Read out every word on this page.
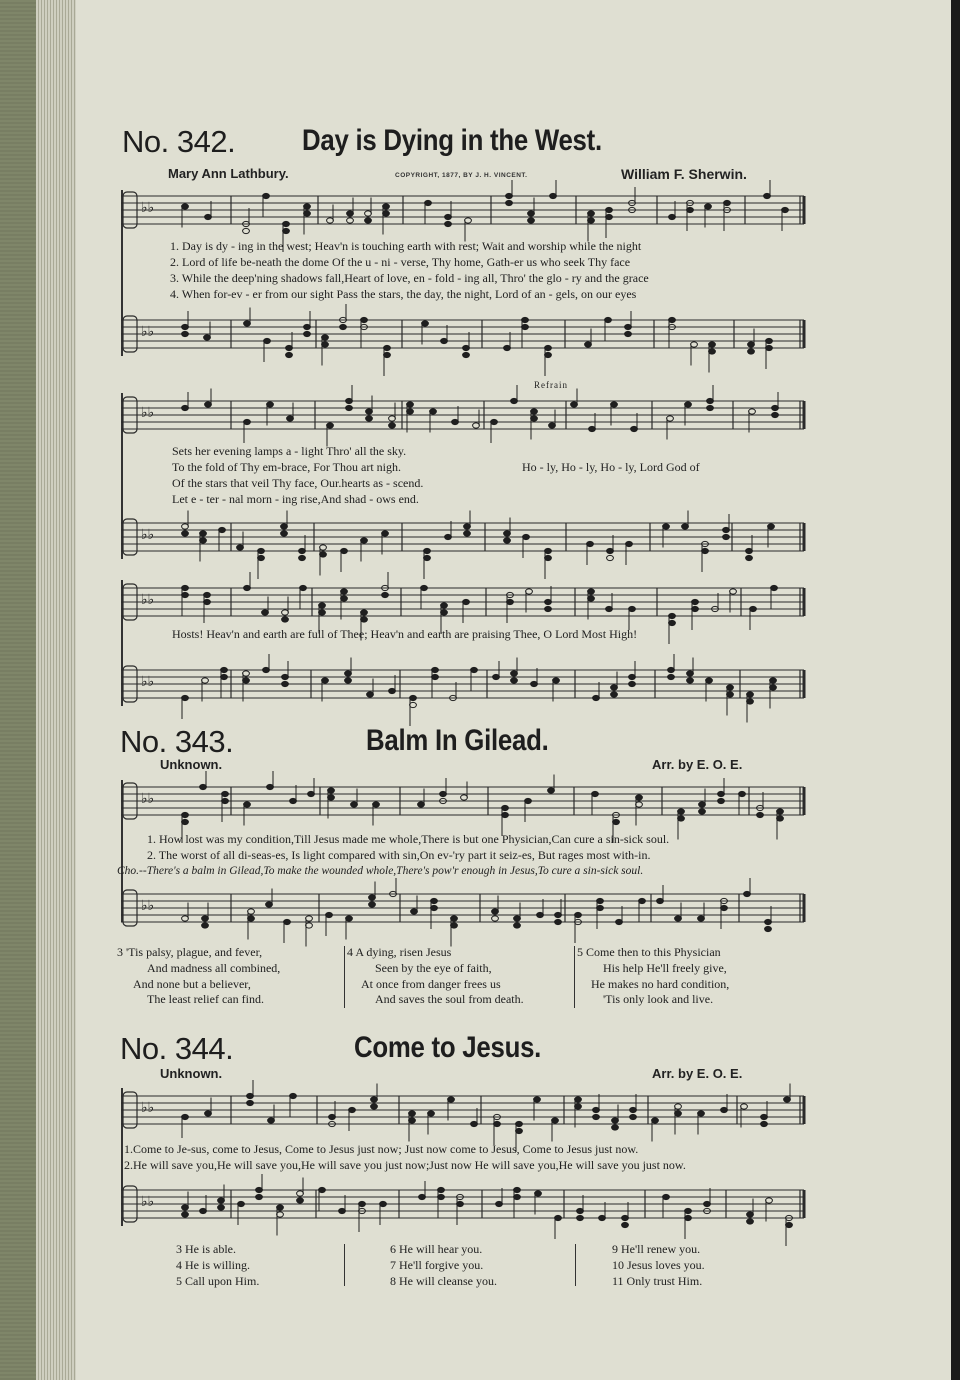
No. 342. Day is Dying in the West.
Mary Ann Lathbury.	COPYRIGHT, 1877, BY J. H. VINCENT.	William F. Sherwin.
♭♭
1. Day is dy - ing in the west; Heav'n is touching earth with rest; Wait and worship while the night
2. Lord of life be-neath the dome Of the u - ni - verse, Thy home, Gath-er us who seek Thy face
3. While the deep'ning shadows fall,Heart of love, en - fold - ing all, Thro' the glo - ry and the grace
4. When for-ev - er from our sight Pass the stars, the day, the night, Lord of an - gels, on our eyes
♭♭
♭♭
Refrain
Sets her evening lamps a - light Thro' all the sky.
To the fold of Thy em-brace, For Thou art nigh.
Of the stars that veil Thy face, Our.hearts as - scend.
Let e - ter - nal morn - ing rise,And shad - ows end.
Ho - ly, Ho - ly, Ho - ly, Lord God of
♭♭
♭♭
Hosts! Heav'n and earth are full of Thee; Heav'n and earth are praising Thee, O Lord Most High!
♭♭
No. 343.	Balm In Gilead.
Unknown.	Arr. by E. O. E.
♭♭
1. How lost was my condition,Till Jesus made me whole,There is but one Physician,Can cure a sin-sick soul.
2. The worst of all di-seas-es, Is light compared with sin,On ev-'ry part it seiz-es, But rages most with-in.
Cho.--There's a balm in Gilead,To make the wounded whole,There's pow'r enough in Jesus,To cure a sin-sick soul.
♭♭
3 'Tis palsy, plague, and fever,
And madness all combined,
And none but a believer,
The least relief can find.
4 A dying, risen Jesus
Seen by the eye of faith,
At once from danger frees us
And saves the soul from death.
5 Come then to this Physician
His help He'll freely give,
He makes no hard condition,
'Tis only look and live.
No. 344.	Come to Jesus.
Unknown.	Arr. by E. O. E.
♭♭
1.Come to Je-sus, come to Jesus, Come to Jesus just now; Just now come to Jesus, Come to Jesus just now.
2.He will save you,He will save you,He will save you just now;Just now He will save you,He will save you just now.
♭♭
3 He is able.
4 He is willing.
5 Call upon Him.
6 He will hear you.
7 He'll forgive you.
8 He will cleanse you.
9 He'll renew you.
10 Jesus loves you.
11 Only trust Him.
